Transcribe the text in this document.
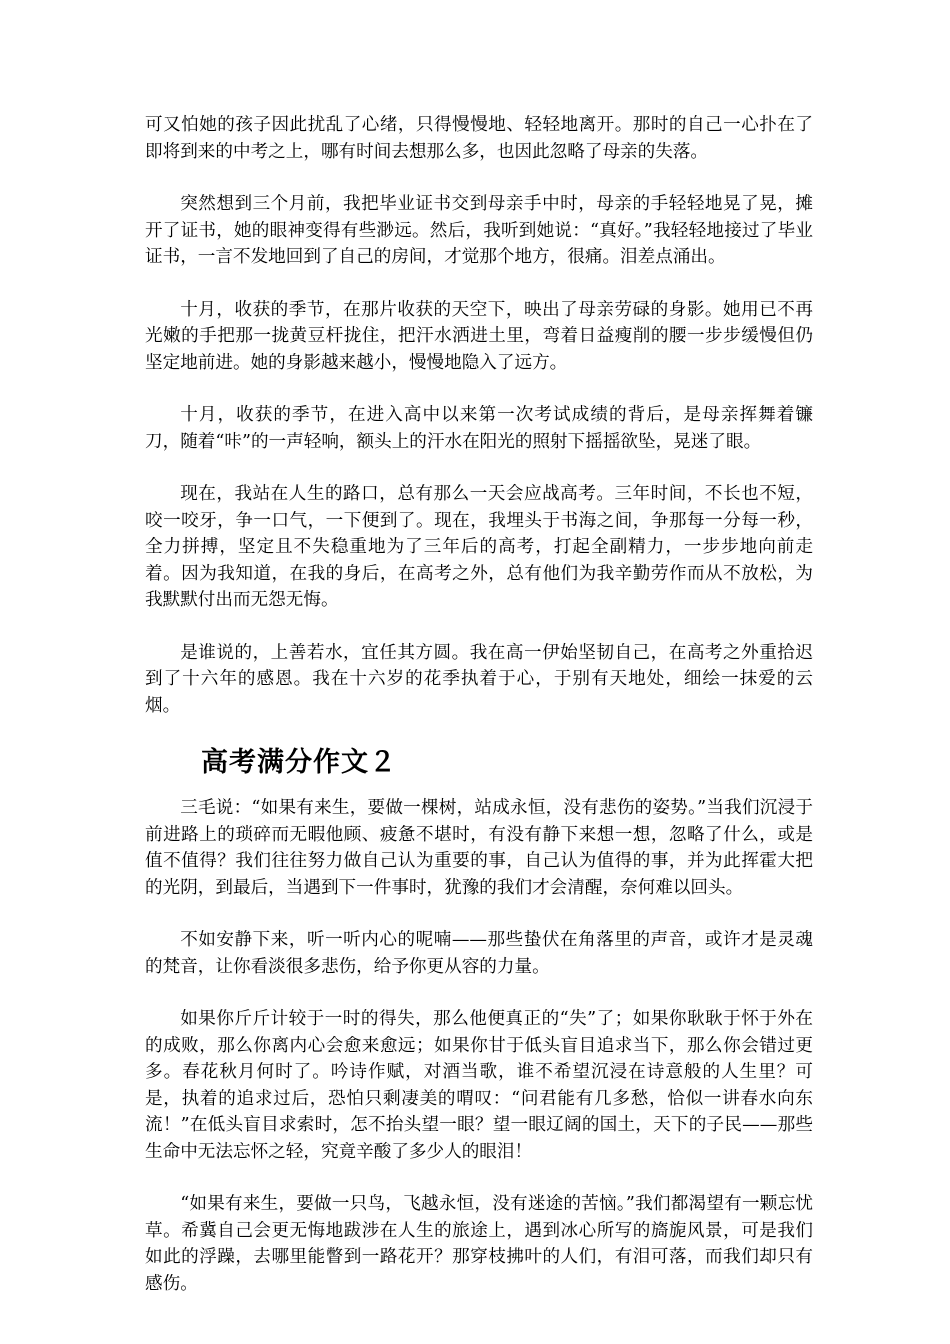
可又怕她的孩子因此扰乱了心绪，只得慢慢地、轻轻地离开。那时的自己一心扑在了即将到来的中考之上，哪有时间去想那么多，也因此忽略了母亲的失落。

突然想到三个月前，我把毕业证书交到母亲手中时，母亲的手轻轻地晃了晃，摊开了证书，她的眼神变得有些渺远。然后，我听到她说：“真好。”我轻轻地接过了毕业证书，一言不发地回到了自己的房间，才觉那个地方，很痛。泪差点涌出。

十月，收获的季节，在那片收获的天空下，映出了母亲劳碌的身影。她用已不再光嫩的手把那一拢黄豆杆拢住，把汗水洒进土里，弯着日益瘦削的腰一步步缓慢但仍坚定地前进。她的身影越来越小，慢慢地隐入了远方。

十月，收获的季节，在进入高中以来第一次考试成绩的背后，是母亲挥舞着镰刀，随着“咔”的一声轻响，额头上的汗水在阳光的照射下摇摇欲坠，晃迷了眼。

现在，我站在人生的路口，总有那么一天会应战高考。三年时间，不长也不短，咬一咬牙，争一口气，一下便到了。现在，我埋头于书海之间，争那每一分每一秒，全力拼搏，坚定且不失稳重地为了三年后的高考，打起全副精力，一步步地向前走着。因为我知道，在我的身后，在高考之外，总有他们为我辛勤劳作而从不放松，为我默默付出而无怨无悔。

是谁说的，上善若水，宜任其方圆。我在高一伊始坚韧自己，在高考之外重拾迟到了十六年的感恩。我在十六岁的花季执着于心，于别有天地处，细绘一抹爱的云烟。

高考满分作文２

三毛说：“如果有来生，要做一棵树，站成永恒，没有悲伤的姿势。”当我们沉浸于前进路上的琐碎而无暇他顾、疲惫不堪时，有没有静下来想一想，忽略了什么，或是值不值得？我们往往努力做自己认为重要的事，自己认为值得的事，并为此挥霍大把的光阴，到最后，当遇到下一件事时，犹豫的我们才会清醒，奈何难以回头。

不如安静下来，听一听内心的呢喃——那些蛰伏在角落里的声音，或许才是灵魂的梵音，让你看淡很多悲伤，给予你更从容的力量。

如果你斤斤计较于一时的得失，那么他便真正的“失”了；如果你耿耿于怀于外在的成败，那么你离内心会愈来愈远；如果你甘于低头盲目追求当下，那么你会错过更多。春花秋月何时了。吟诗作赋，对酒当歌，谁不希望沉浸在诗意般的人生里？可是，执着的追求过后，恐怕只剩凄美的喟叹：“问君能有几多愁，恰似一讲春水向东流！”在低头盲目求索时，怎不抬头望一眼？望一眼辽阔的国土，天下的子民——那些生命中无法忘怀之轻，究竟辛酸了多少人的眼泪！

“如果有来生，要做一只鸟，飞越永恒，没有迷途的苦恼。”我们都渴望有一颗忘忧草。希冀自己会更无悔地跋涉在人生的旅途上，遇到冰心所写的旖旎风景，可是我们如此的浮躁，去哪里能瞥到一路花开？那穿枝拂叶的人们，有泪可落，而我们却只有感伤。
